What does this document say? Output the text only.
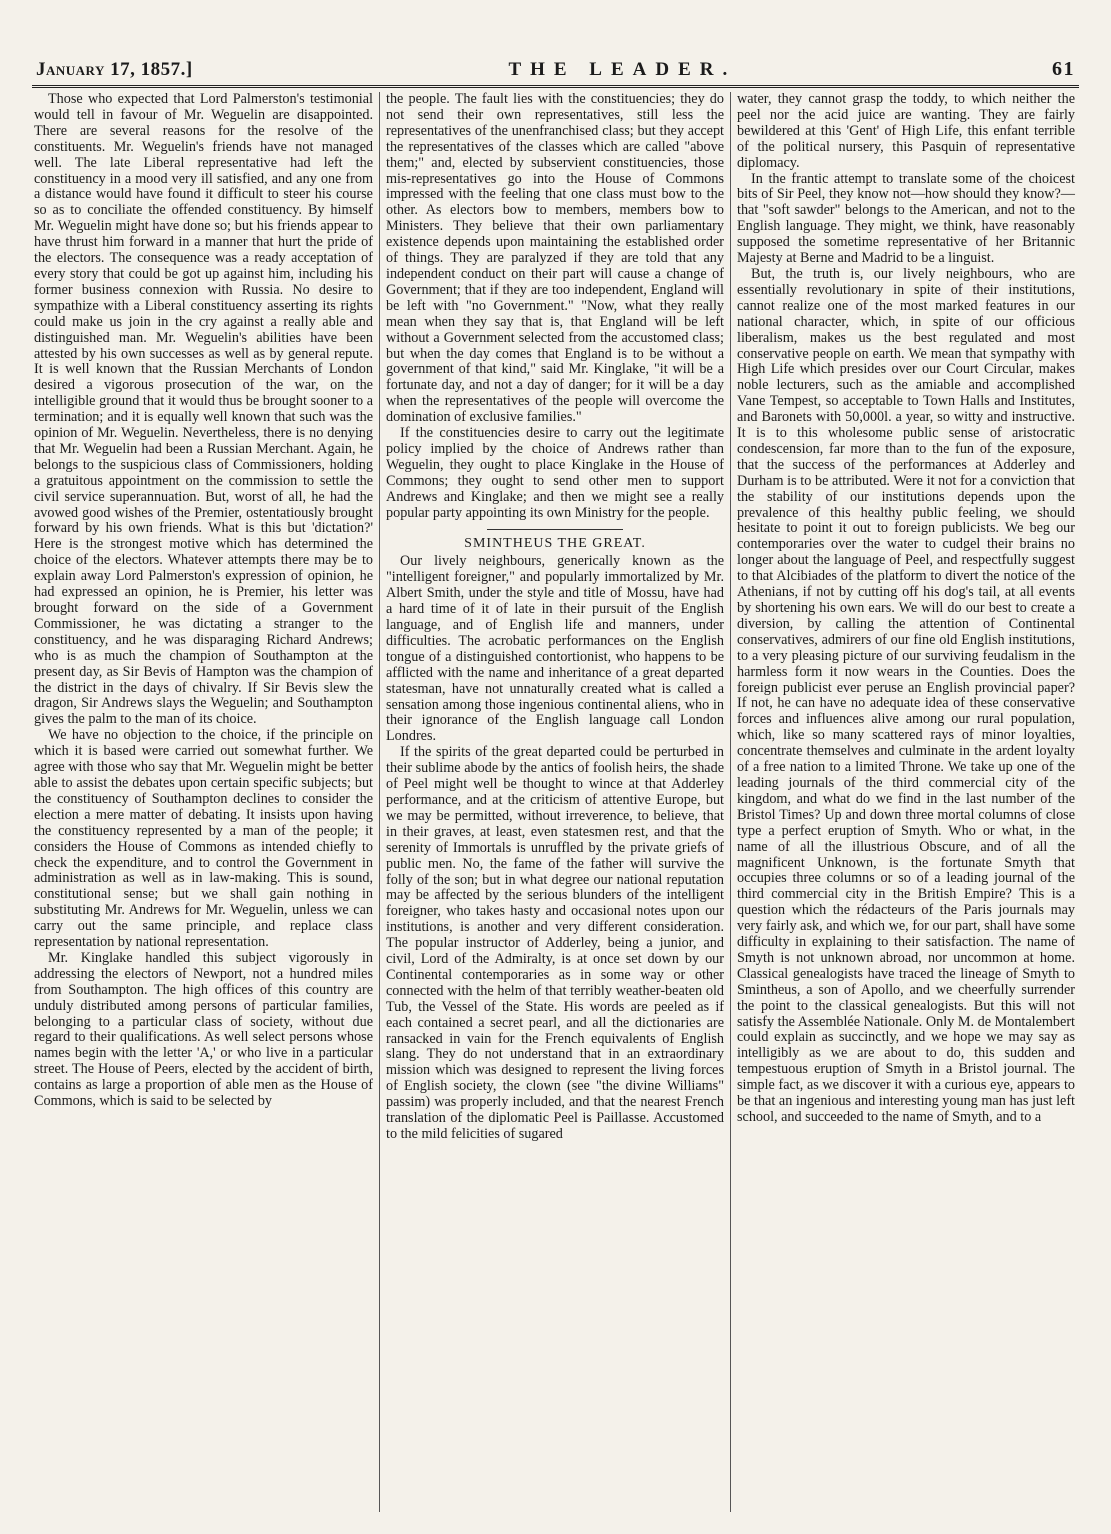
January 17, 1857.]	THE LEADER.	61

Those who expected that Lord Palmerston's testimonial would tell in favour of Mr. Weguelin are disappointed. There are several reasons for the resolve of the constituents. Mr. Weguelin's friends have not managed well. The late Liberal representative had left the constituency in a mood very ill satisfied, and any one from a distance would have found it difficult to steer his course so as to conciliate the offended constituency. By himself Mr. Weguelin might have done so; but his friends appear to have thrust him forward in a manner that hurt the pride of the electors. The consequence was a ready acceptation of every story that could be got up against him, including his former business connexion with Russia. No desire to sympathize with a Liberal constituency asserting its rights could make us join in the cry against a really able and distinguished man. Mr. Weguelin's abilities have been attested by his own successes as well as by general repute. It is well known that the Russian Merchants of London desired a vigorous prosecution of the war, on the intelligible ground that it would thus be brought sooner to a termination; and it is equally well known that such was the opinion of Mr. Weguelin. Nevertheless, there is no denying that Mr. Weguelin had been a Russian Merchant. Again, he belongs to the suspicious class of Commissioners, holding a gratuitous appointment on the commission to settle the civil service superannuation. But, worst of all, he had the avowed good wishes of the Premier, ostentatiously brought forward by his own friends. What is this but 'dictation?' Here is the strongest motive which has determined the choice of the electors. Whatever attempts there may be to explain away Lord Palmerston's expression of opinion, he had expressed an opinion, he is Premier, his letter was brought forward on the side of a Government Commissioner, he was dictating a stranger to the constituency, and he was disparaging Richard Andrews; who is as much the champion of Southampton at the present day, as Sir Bevis of Hampton was the champion of the district in the days of chivalry. If Sir Bevis slew the dragon, Sir Andrews slays the Weguelin; and Southampton gives the palm to the man of its choice.

We have no objection to the choice, if the principle on which it is based were carried out somewhat further. We agree with those who say that Mr. Weguelin might be better able to assist the debates upon certain specific subjects; but the constituency of Southampton declines to consider the election a mere matter of debating. It insists upon having the constituency represented by a man of the people; it considers the House of Commons as intended chiefly to check the expenditure, and to control the Government in administration as well as in law-making. This is sound, constitutional sense; but we shall gain nothing in substituting Mr. Andrews for Mr. Weguelin, unless we can carry out the same principle, and replace class representation by national representation.

Mr. Kinglake handled this subject vigorously in addressing the electors of Newport, not a hundred miles from Southampton. The high offices of this country are unduly distributed among persons of particular families, belonging to a particular class of society, without due regard to their qualifications. As well select persons whose names begin with the letter 'A,' or who live in a particular street. The House of Peers, elected by the accident of birth, contains as large a proportion of able men as the House of Commons, which is said to be selected by

the people. The fault lies with the constituencies; they do not send their own representatives, still less the representatives of the unenfranchised class; but they accept the representatives of the classes which are called "above them;" and, elected by subservient constituencies, those mis-representatives go into the House of Commons impressed with the feeling that one class must bow to the other. As electors bow to members, members bow to Ministers. They believe that their own parliamentary existence depends upon maintaining the established order of things. They are paralyzed if they are told that any independent conduct on their part will cause a change of Government; that if they are too independent, England will be left with "no Government." "Now, what they really mean when they say that is, that England will be left without a Government selected from the accustomed class; but when the day comes that England is to be without a government of that kind," said Mr. Kinglake, "it will be a fortunate day, and not a day of danger; for it will be a day when the representatives of the people will overcome the domination of exclusive families."

If the constituencies desire to carry out the legitimate policy implied by the choice of Andrews rather than Weguelin, they ought to place Kinglake in the House of Commons; they ought to send other men to support Andrews and Kinglake; and then we might see a really popular party appointing its own Ministry for the people.

SMINTHEUS THE GREAT.

Our lively neighbours, generically known as the "intelligent foreigner," and popularly immortalized by Mr. Albert Smith, under the style and title of Mossu, have had a hard time of it of late in their pursuit of the English language, and of English life and manners, under difficulties. The acrobatic performances on the English tongue of a distinguished contortionist, who happens to be afflicted with the name and inheritance of a great departed statesman, have not unnaturally created what is called a sensation among those ingenious continental aliens, who in their ignorance of the English language call London Londres.

If the spirits of the great departed could be perturbed in their sublime abode by the antics of foolish heirs, the shade of Peel might well be thought to wince at that Adderley performance, and at the criticism of attentive Europe, but we may be permitted, without irreverence, to believe, that in their graves, at least, even statesmen rest, and that the serenity of Immortals is unruffled by the private griefs of public men. No, the fame of the father will survive the folly of the son; but in what degree our national reputation may be affected by the serious blunders of the intelligent foreigner, who takes hasty and occasional notes upon our institutions, is another and very different consideration. The popular instructor of Adderley, being a junior, and civil, Lord of the Admiralty, is at once set down by our Continental contemporaries as in some way or other connected with the helm of that terribly weather-beaten old Tub, the Vessel of the State. His words are peeled as if each contained a secret pearl, and all the dictionaries are ransacked in vain for the French equivalents of English slang. They do not understand that in an extraordinary mission which was designed to represent the living forces of English society, the clown (see "the divine Williams" passim) was properly included, and that the nearest French translation of the diplomatic Peel is Paillasse. Accustomed to the mild felicities of sugared

water, they cannot grasp the toddy, to which neither the peel nor the acid juice are wanting. They are fairly bewildered at this 'Gent' of High Life, this enfant terrible of the political nursery, this Pasquin of representative diplomacy.

In the frantic attempt to translate some of the choicest bits of Sir Peel, they know not—how should they know?—that "soft sawder" belongs to the American, and not to the English language. They might, we think, have reasonably supposed the sometime representative of her Britannic Majesty at Berne and Madrid to be a linguist.

But, the truth is, our lively neighbours, who are essentially revolutionary in spite of their institutions, cannot realize one of the most marked features in our national character, which, in spite of our officious liberalism, makes us the best regulated and most conservative people on earth. We mean that sympathy with High Life which presides over our Court Circular, makes noble lecturers, such as the amiable and accomplished Vane Tempest, so acceptable to Town Halls and Institutes, and Baronets with 50,000l. a year, so witty and instructive. It is to this wholesome public sense of aristocratic condescension, far more than to the fun of the exposure, that the success of the performances at Adderley and Durham is to be attributed. Were it not for a conviction that the stability of our institutions depends upon the prevalence of this healthy public feeling, we should hesitate to point it out to foreign publicists. We beg our contemporaries over the water to cudgel their brains no longer about the language of Peel, and respectfully suggest to that Alcibiades of the platform to divert the notice of the Athenians, if not by cutting off his dog's tail, at all events by shortening his own ears. We will do our best to create a diversion, by calling the attention of Continental conservatives, admirers of our fine old English institutions, to a very pleasing picture of our surviving feudalism in the harmless form it now wears in the Counties. Does the foreign publicist ever peruse an English provincial paper? If not, he can have no adequate idea of these conservative forces and influences alive among our rural population, which, like so many scattered rays of minor loyalties, concentrate themselves and culminate in the ardent loyalty of a free nation to a limited Throne. We take up one of the leading journals of the third commercial city of the kingdom, and what do we find in the last number of the Bristol Times? Up and down three mortal columns of close type a perfect eruption of Smyth. Who or what, in the name of all the illustrious Obscure, and of all the magnificent Unknown, is the fortunate Smyth that occupies three columns or so of a leading journal of the third commercial city in the British Empire? This is a question which the rédacteurs of the Paris journals may very fairly ask, and which we, for our part, shall have some difficulty in explaining to their satisfaction. The name of Smyth is not unknown abroad, nor uncommon at home. Classical genealogists have traced the lineage of Smyth to Smintheus, a son of Apollo, and we cheerfully surrender the point to the classical genealogists. But this will not satisfy the Assemblée Nationale. Only M. de Montalembert could explain as succinctly, and we hope we may say as intelligibly as we are about to do, this sudden and tempestuous eruption of Smyth in a Bristol journal. The simple fact, as we discover it with a curious eye, appears to be that an ingenious and interesting young man has just left school, and succeeded to the name of Smyth, and to a
